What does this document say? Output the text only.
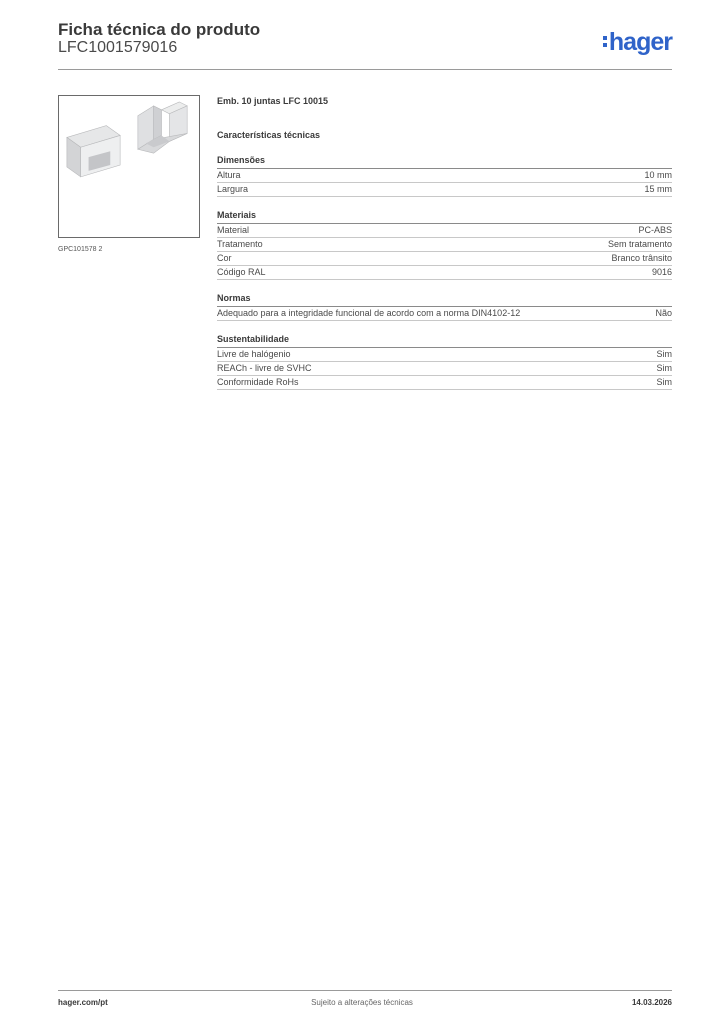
Ficha técnica do produto
LFC1001579016	hager
GPC101578 2
Emb. 10 juntas LFC 10015
Características técnicas
Dimensões
Altura	10 mm
Largura	15 mm
Materiais
Material	PC-ABS
Tratamento	Sem tratamento
Cor	Branco trânsito
Código RAL	9016
Normas
Adequado para a integridade funcional de acordo com a norma DIN4102-12	Não
Sustentabilidade
Livre de halógenio	Sim
REACh - livre de SVHC	Sim
Conformidade RoHs	Sim
hager.com/pt	Sujeito a alterações técnicas	14.03.2026
